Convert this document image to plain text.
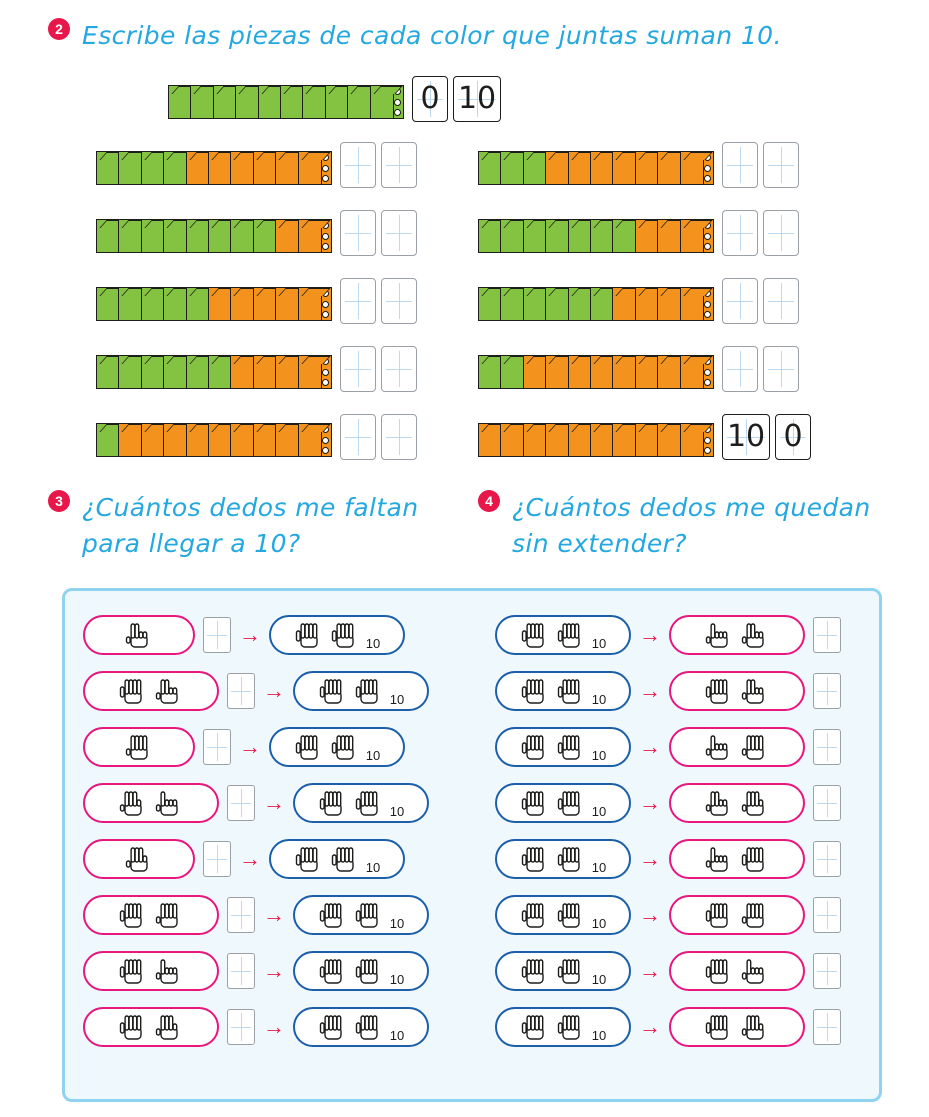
2 Escribe las piezas de cada color que juntas suman 10.
0 10
10 0
3 ¿Cuántos dedos me faltan
para llegar a 10?
4 ¿Cuántos dedos me quedan
sin extender?
→	10
→	10
→	10
→	10
→	10
→	10
→	10
→	10
10 →
10 →
10 →
10 →
10 →
10 →
10 →
10 →
